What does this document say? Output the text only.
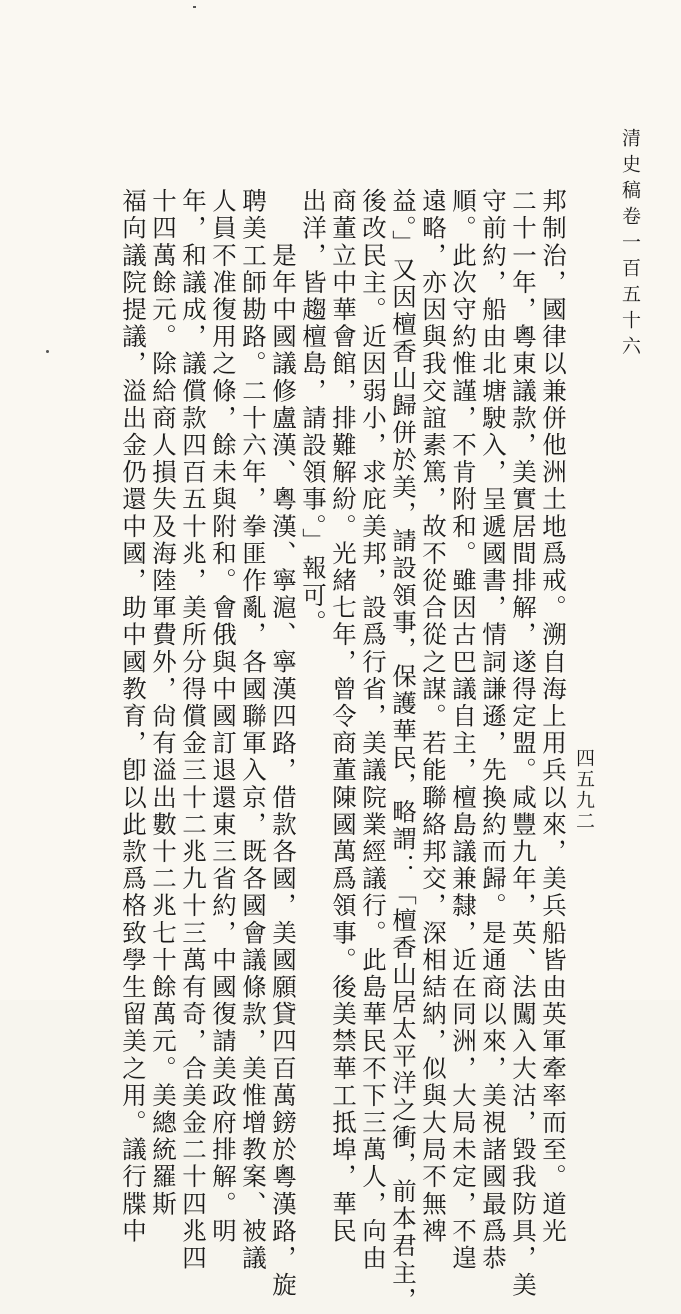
清史稿卷一百五十六
四五九二
邦制治，國律以兼併他洲土地爲戒。溯自海上用兵以來，美兵船皆由英軍牽率而至。道光
二十一年，粵東議款，美實居間排解，遂得定盟。咸豐九年，英、法闖入大沽，毀我防具，美
守前約，船由北塘駛入，呈遞國書，情詞謙遜，先換約而歸。是通商以來，美視諸國最爲恭
順。此次守約惟謹，不肯附和。雖因古巴議自主，檀島議兼隸，近在同洲，大局未定，不遑
遠略，亦因與我交誼素篤，故不從合從之謀。若能聯絡邦交，深相結納，似與大局不無裨
益。」又因檀香山歸併於美，請設領事，保護華民，略謂：「檀香山居太平洋之衝，前本君主，
後改民主。近因弱小，求庇美邦，設爲行省，美議院業經議行。此島華民不下三萬人，向由
商董立中華會館，排難解紛。光緒七年，曾令商董陳國萬爲領事。後美禁華工抵埠，華民
出洋，皆趨檀島，請設領事。」報可。
　　是年中國議修盧漢、粵漢、寧滬、寧漢四路，借款各國，美國願貸四百萬鎊於粵漢路，旋
聘美工師勘路。二十六年，拳匪作亂，各國聯軍入京，既各國會議條款，美惟增教案、被議
人員不准復用之條，餘未與附和。會俄與中國訂退還東三省約，中國復請美政府排解。明
年，和議成，議償款四百五十兆，美所分得償金三十二兆九十三萬有奇，合美金二十四兆四
十四萬餘元。除給商人損失及海陸軍費外，尙有溢出數十二兆七十餘萬元。美總統羅斯
福向議院提議，溢出金仍還中國，助中國教育，卽以此款爲格致學生留美之用。議行牒中
